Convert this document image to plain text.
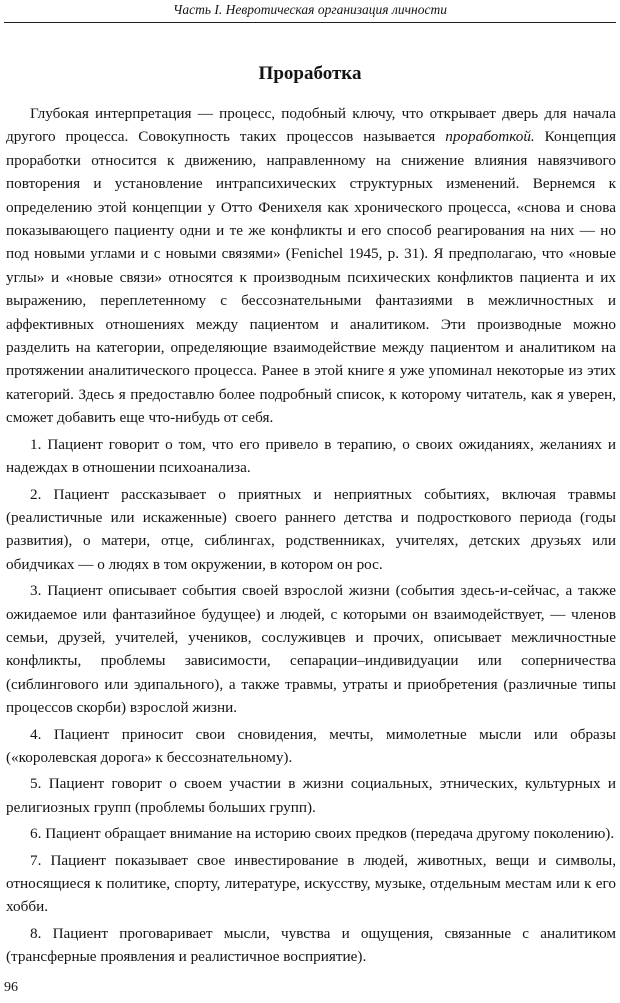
Часть I. Невротическая организация личности
Проработка

Глубокая интерпретация — процесс, подобный ключу, что открывает дверь для начала другого процесса. Совокупность таких процессов называется проработкой. Концепция проработки относится к движению, направленному на снижение влияния навязчивого повторения и установление интрапсихических структурных изменений. Вернемся к определению этой концепции у Отто Фенихеля как хронического процесса, «снова и снова показывающего пациенту одни и те же конфликты и его способ реагирования на них — но под новыми углами и с новыми связями» (Fenichel 1945, p. 31). Я предполагаю, что «новые углы» и «новые связи» относятся к производным психических конфликтов пациента и их выражению, переплетенному с бессознательными фантазиями в межличностных и аффективных отношениях между пациентом и аналитиком. Эти производные можно разделить на категории, определяющие взаимодействие между пациентом и аналитиком на протяжении аналитического процесса. Ранее в этой книге я уже упоминал некоторые из этих категорий. Здесь я предоставлю более подробный список, к которому читатель, как я уверен, сможет добавить еще что-нибудь от себя.

1. Пациент говорит о том, что его привело в терапию, о своих ожиданиях, желаниях и надеждах в отношении психоанализа.

2. Пациент рассказывает о приятных и неприятных событиях, включая травмы (реалистичные или искаженные) своего раннего детства и подросткового периода (годы развития), о матери, отце, сиблингах, родственниках, учителях, детских друзьях или обидчиках — о людях в том окружении, в котором он рос.

3. Пациент описывает события своей взрослой жизни (события здесь-и-сейчас, а также ожидаемое или фантазийное будущее) и людей, с которыми он взаимодействует, — членов семьи, друзей, учителей, учеников, сослуживцев и прочих, описывает межличностные конфликты, проблемы зависимости, сепарации–индивидуации или соперничества (сиблингового или эдипального), а также травмы, утраты и приобретения (различные типы процессов скорби) взрослой жизни.

4. Пациент приносит свои сновидения, мечты, мимолетные мысли или образы («королевская дорога» к бессознательному).

5. Пациент говорит о своем участии в жизни социальных, этнических, культурных и религиозных групп (проблемы больших групп).

6. Пациент обращает внимание на историю своих предков (передача другому поколению).

7. Пациент показывает свое инвестирование в людей, животных, вещи и символы, относящиеся к политике, спорту, литературе, искусству, музыке, отдельным местам или к его хобби.

8. Пациент проговаривает мысли, чувства и ощущения, связанные с аналитиком (трансферные проявления и реалистичное восприятие).

96
